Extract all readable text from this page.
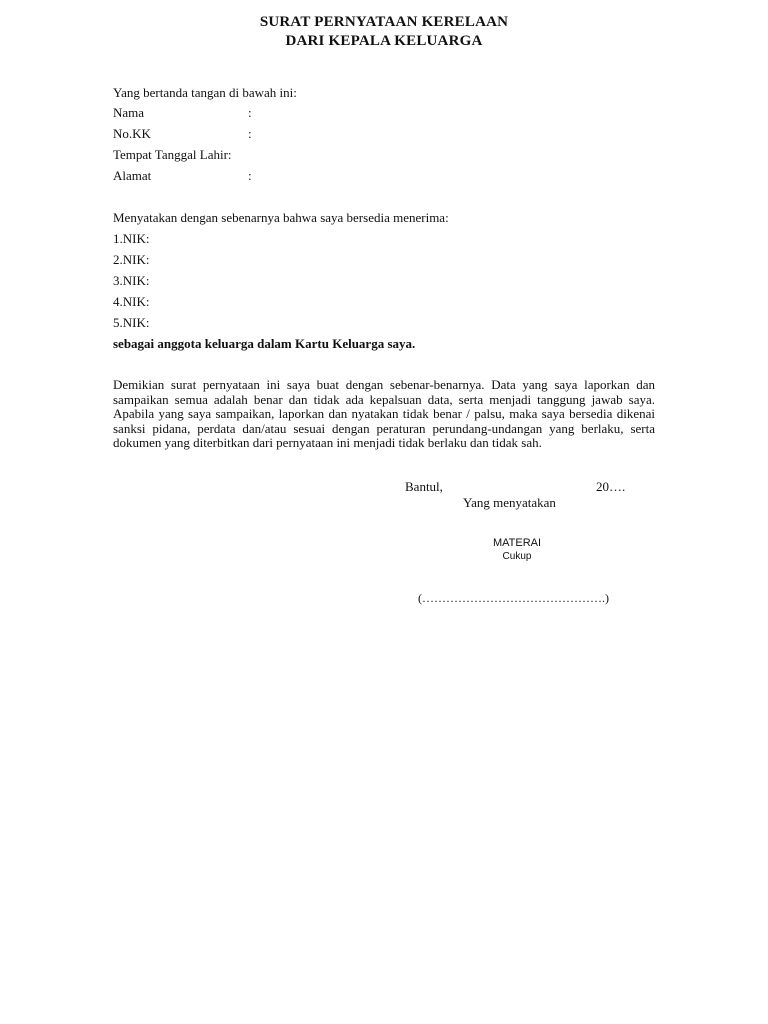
SURAT PERNYATAAN KERELAAN
DARI KEPALA KELUARGA
Yang bertanda tangan di bawah ini:
Nama	:
No.KK	:
Tempat Tanggal Lahir:
Alamat	:
Menyatakan dengan sebenarnya bahwa saya bersedia menerima:
1.NIK:
2.NIK:
3.NIK:
4.NIK:
5.NIK:
sebagai anggota keluarga dalam Kartu Keluarga saya.
Demikian surat pernyataan ini saya buat dengan sebenar-benarnya. Data yang saya laporkan dan sampaikan semua adalah benar dan tidak ada kepalsuan data, serta menjadi tanggung jawab saya. Apabila yang saya sampaikan, laporkan dan nyatakan tidak benar / palsu, maka saya bersedia dikenai sanksi pidana, perdata dan/atau sesuai dengan peraturan perundang-undangan yang berlaku, serta dokumen yang diterbitkan dari pernyataan ini menjadi tidak berlaku dan tidak sah.
Bantul,	20….
Yang menyatakan
MATERAI
Cukup
(……………………………………….)
